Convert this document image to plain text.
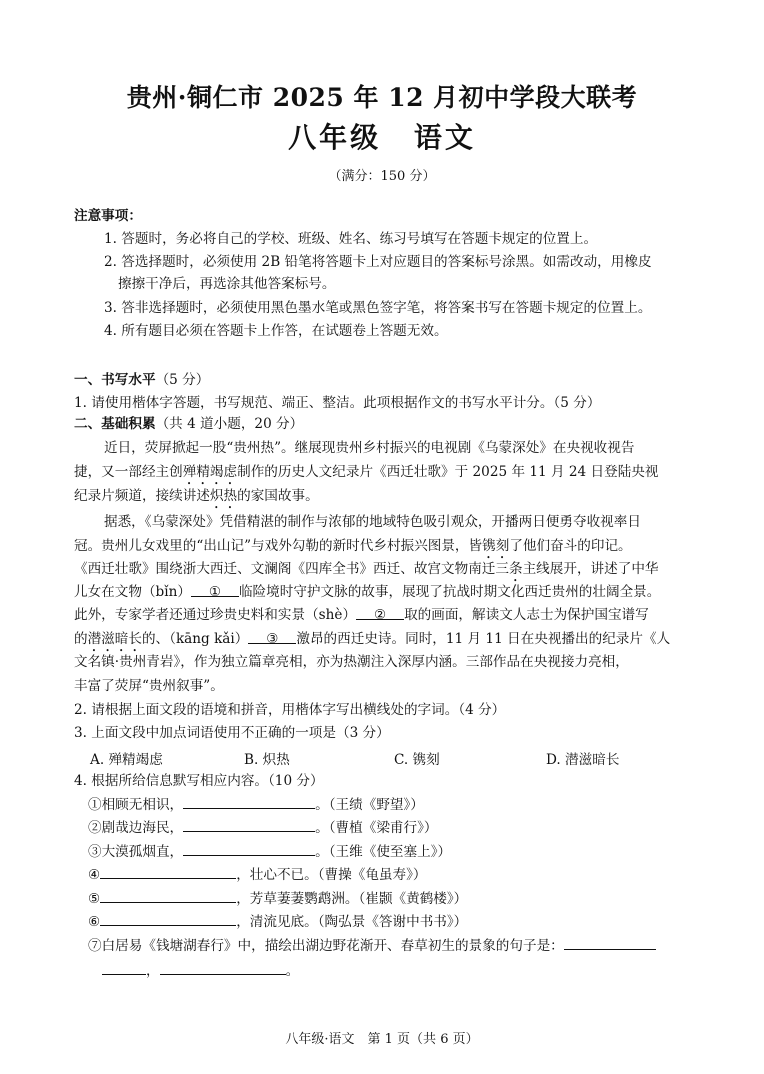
贵州·铜仁市 2025 年 12 月初中学段大联考
八年级 语文
（满分：150 分）
注意事项：
1. 答题时，务必将自己的学校、班级、姓名、练习号填写在答题卡规定的位置上。
2. 答选择题时，必须使用 2B 铅笔将答题卡上对应题目的答案标号涂黑。如需改动，用橡皮
擦擦干净后，再选涂其他答案标号。
3. 答非选择题时，必须使用黑色墨水笔或黑色签字笔，将答案书写在答题卡规定的位置上。
4. 所有题目必须在答题卡上作答，在试题卷上答题无效。
一、书写水平（5 分）
1. 请使用楷体字答题，书写规范、端正、整洁。此项根据作文的书写水平计分。（5 分）
二、基础积累（共 4 道小题，20 分）
近日，荧屏掀起一股“贵州热”。继展现贵州乡村振兴的电视剧《乌蒙深处》在央视收视告
捷，又一部经主创殚精竭虑制作的历史人文纪录片《西迁壮歌》于 2025 年 11 月 24 日登陆央视
纪录片频道，接续讲述炽热的家国故事。
据悉，《乌蒙深处》凭借精湛的制作与浓郁的地域特色吸引观众，开播两日便勇夺收视率日
冠。贵州儿女戏里的“出山记”与戏外勾勒的新时代乡村振兴图景，皆镌刻了他们奋斗的印记。
《西迁壮歌》围绕浙大西迁、文澜阁《四库全书》西迁、故宫文物南迁三条主线展开，讲述了中华
儿女在文物（bǐn） ① 临险境时守护文脉的故事，展现了抗战时期文化西迁贵州的壮阔全景。
此外，专家学者还通过珍贵史料和实景（shè） ② 取的画面，解读文人志士为保护国宝谱写
的潜滋暗长的、（kāng kǎi） ③ 激昂的西迁史诗。同时，11 月 11 日在央视播出的纪录片《人
文名镇·贵州青岩》，作为独立篇章亮相，亦为热潮注入深厚内涵。三部作品在央视接力亮相，
丰富了荧屏“贵州叙事”。
2. 请根据上面文段的语境和拼音，用楷体字写出横线处的字词。（4 分）
3. 上面文段中加点词语使用不正确的一项是（3 分）
A. 殚精竭虑	B. 炽热	C. 镌刻	D. 潜滋暗长
4. 根据所给信息默写相应内容。（10 分）
①相顾无相识，	。（王绩《野望》）
②剧哉边海民，	。（曹植《梁甫行》）
③大漠孤烟直，	。（王维《使至塞上》）
④	，壮心不已。（曹操《龟虽寿》）
⑤	，芳草萋萋鹦鹉洲。（崔颢《黄鹤楼》）
⑥	，清流见底。（陶弘景《答谢中书书》）
⑦白居易《钱塘湖春行》中，描绘出湖边野花渐开、春草初生的景象的句子是：
，	。
八年级·语文　第 1 页（共 6 页）
